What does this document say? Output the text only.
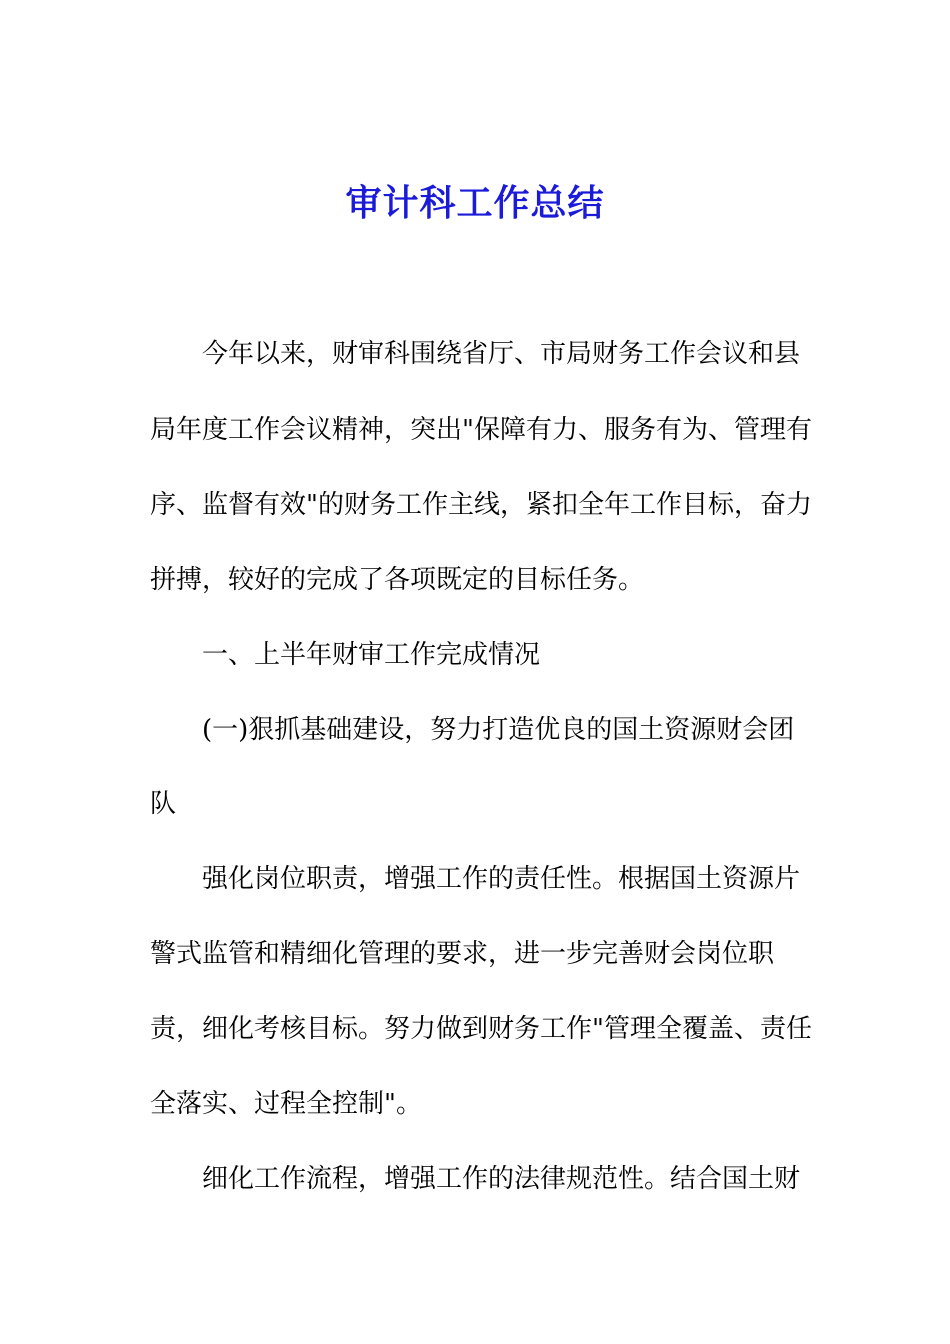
审计科工作总结

今年以来，财审科围绕省厅、市局财务工作会议和县

局年度工作会议精神，突出"保障有力、服务有为、管理有

序、监督有效"的财务工作主线，紧扣全年工作目标，奋力

拼搏，较好的完成了各项既定的目标任务。

一、上半年财审工作完成情况

(一)狠抓基础建设，努力打造优良的国土资源财会团

队

强化岗位职责，增强工作的责任性。根据国土资源片

警式监管和精细化管理的要求，进一步完善财会岗位职

责，细化考核目标。努力做到财务工作"管理全覆盖、责任

全落实、过程全控制"。

细化工作流程，增强工作的法律规范性。结合国土财
